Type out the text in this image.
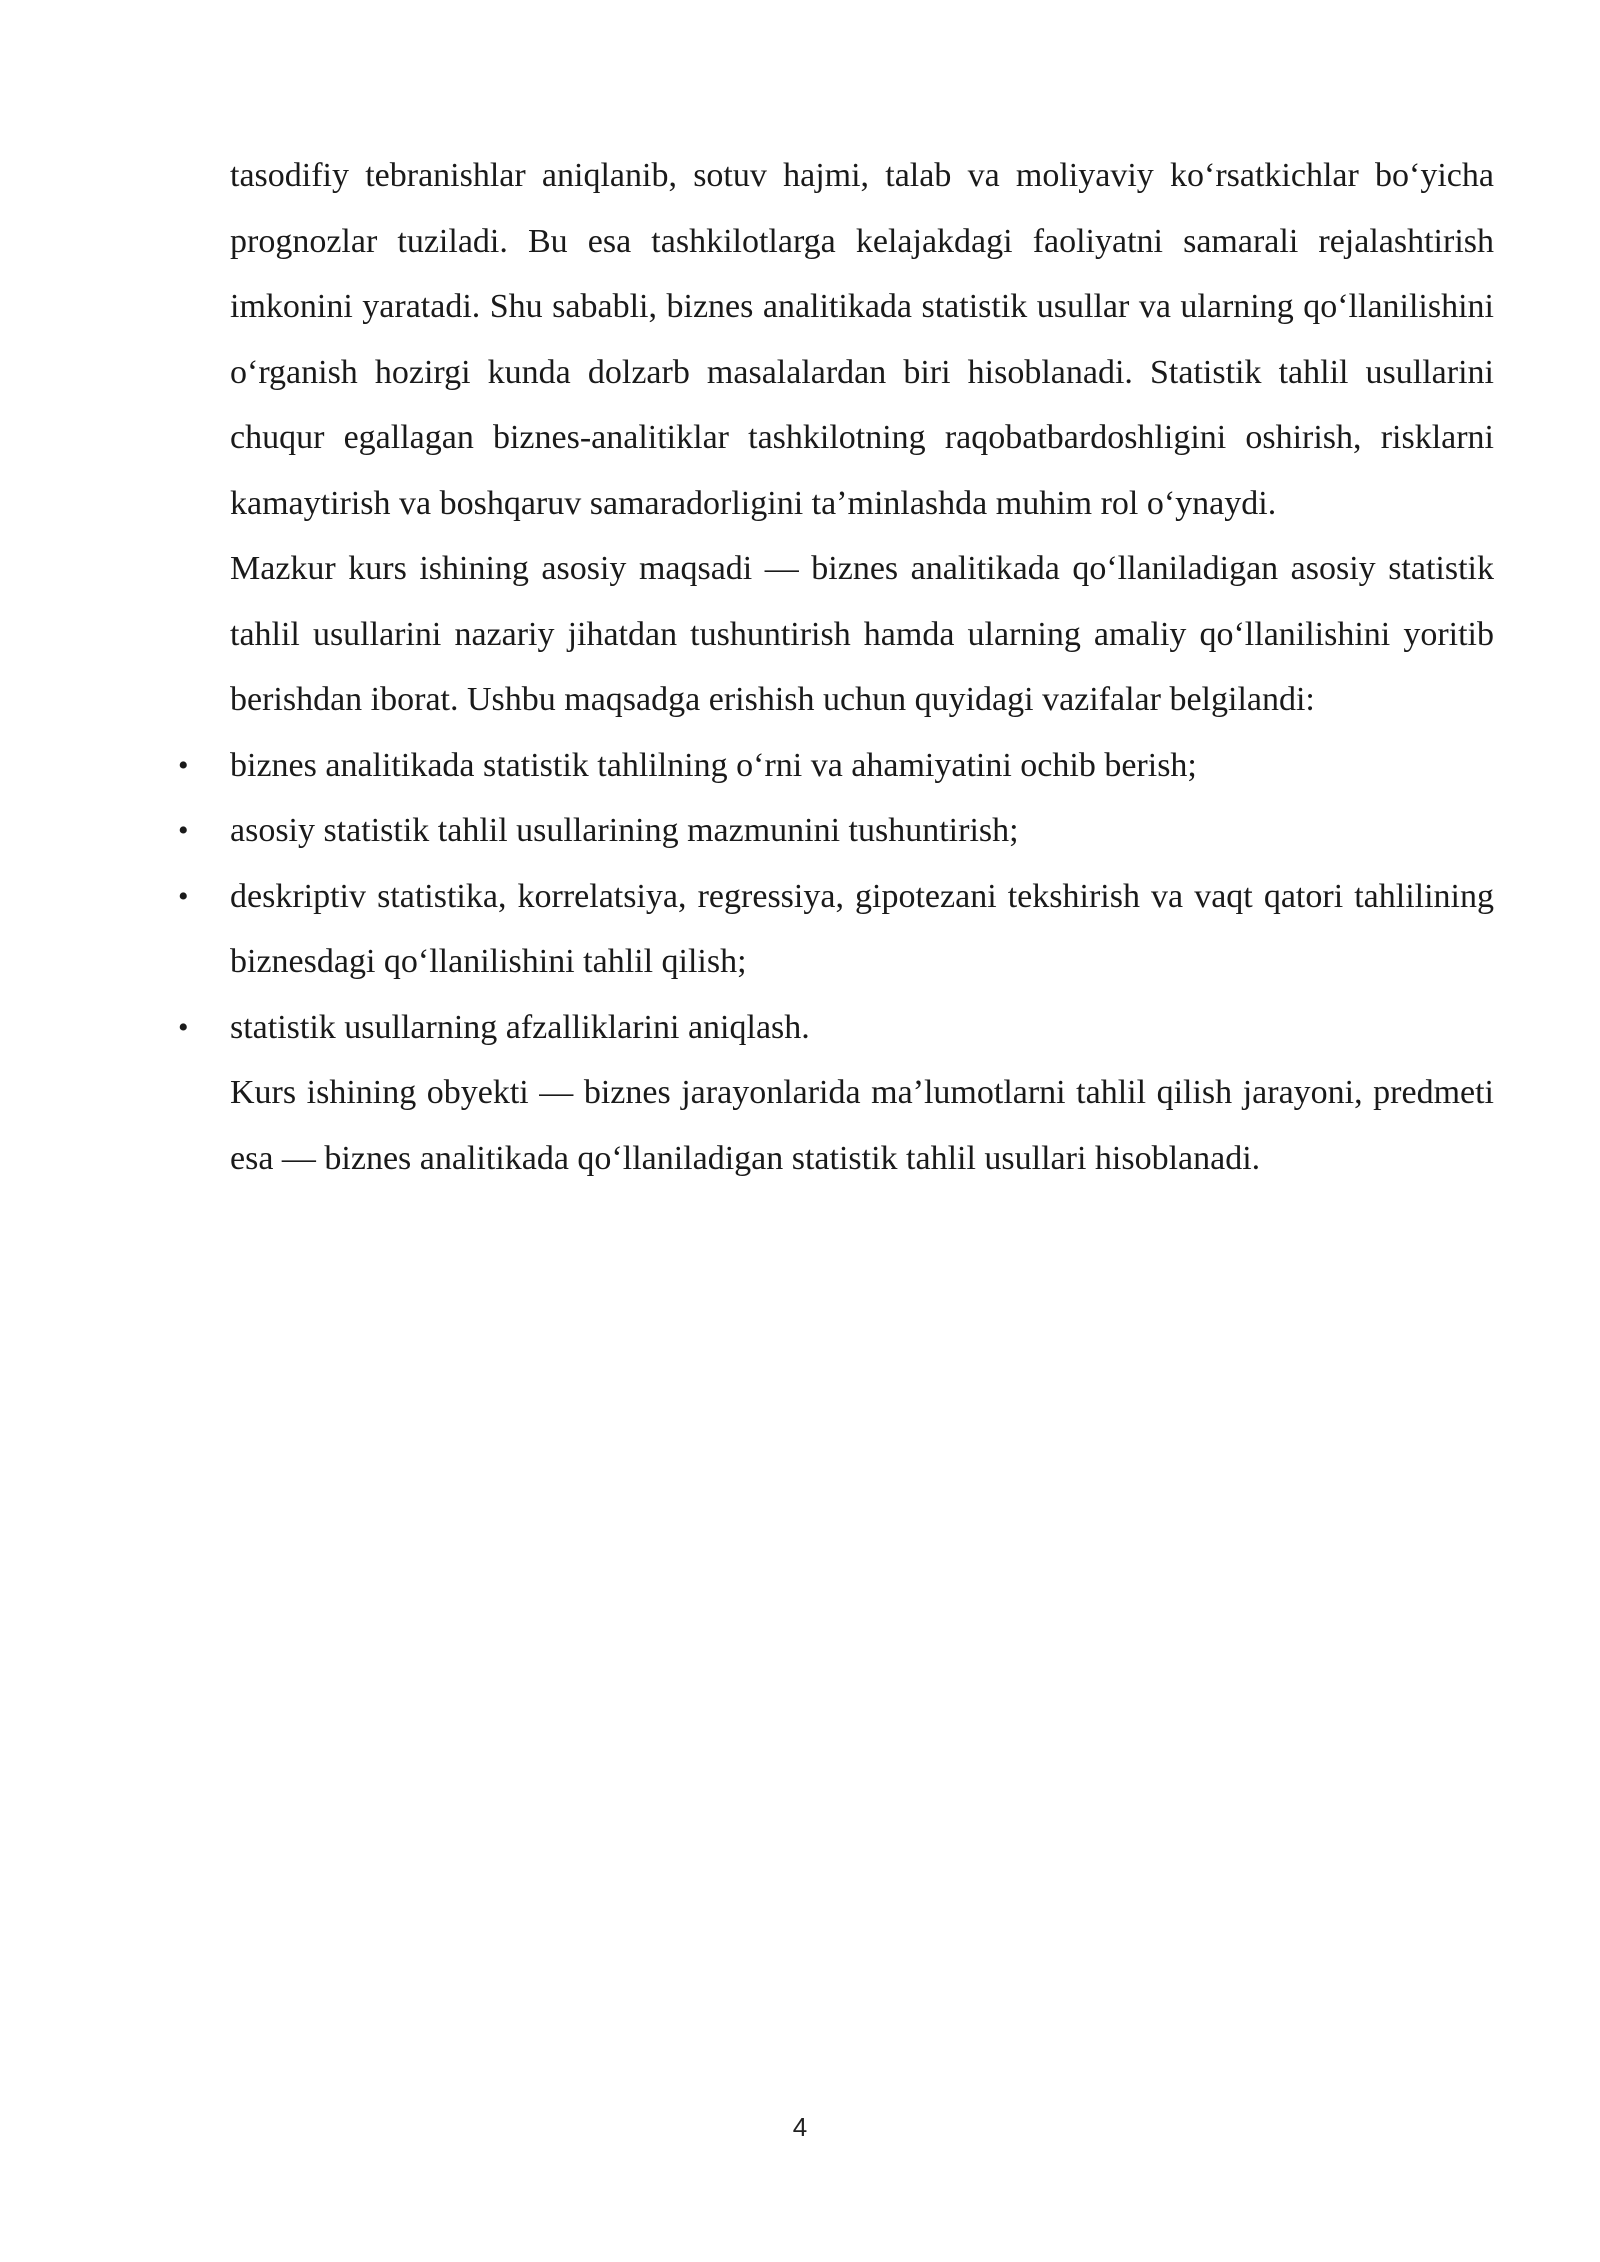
tasodifiy tebranishlar aniqlanib, sotuv hajmi, talab va moliyaviy koʻrsatkichlar boʻyicha prognozlar tuziladi. Bu esa tashkilotlarga kelajakdagi faoliyatni samarali rejalashtirish imkonini yaratadi. Shu sababli, biznes analitikada statistik usullar va ularning qoʻllanilishini oʻrganish hozirgi kunda dolzarb masalalardan biri hisoblanadi. Statistik tahlil usullarini chuqur egallagan biznes-analitiklar tashkilotning raqobatbardoshligini oshirish, risklarni kamaytirish va boshqaruv samaradorligini taʼminlashda muhim rol oʻynaydi.

Mazkur kurs ishining asosiy maqsadi — biznes analitikada qoʻllaniladigan asosiy statistik tahlil usullarini nazariy jihatdan tushuntirish hamda ularning amaliy qoʻllanilishini yoritib berishdan iborat. Ushbu maqsadga erishish uchun quyidagi vazifalar belgilandi:

• biznes analitikada statistik tahlilning oʻrni va ahamiyatini ochib berish;
• asosiy statistik tahlil usullarining mazmunini tushuntirish;
• deskriptiv statistika, korrelatsiya, regressiya, gipotezani tekshirish va vaqt qatori tahlilining biznesdagi qoʻllanilishini tahlil qilish;
• statistik usullarning afzalliklarini aniqlash.

Kurs ishining obyekti — biznes jarayonlarida maʼlumotlarni tahlil qilish jarayoni, predmeti esa — biznes analitikada qoʻllaniladigan statistik tahlil usullari hisoblanadi.

4
